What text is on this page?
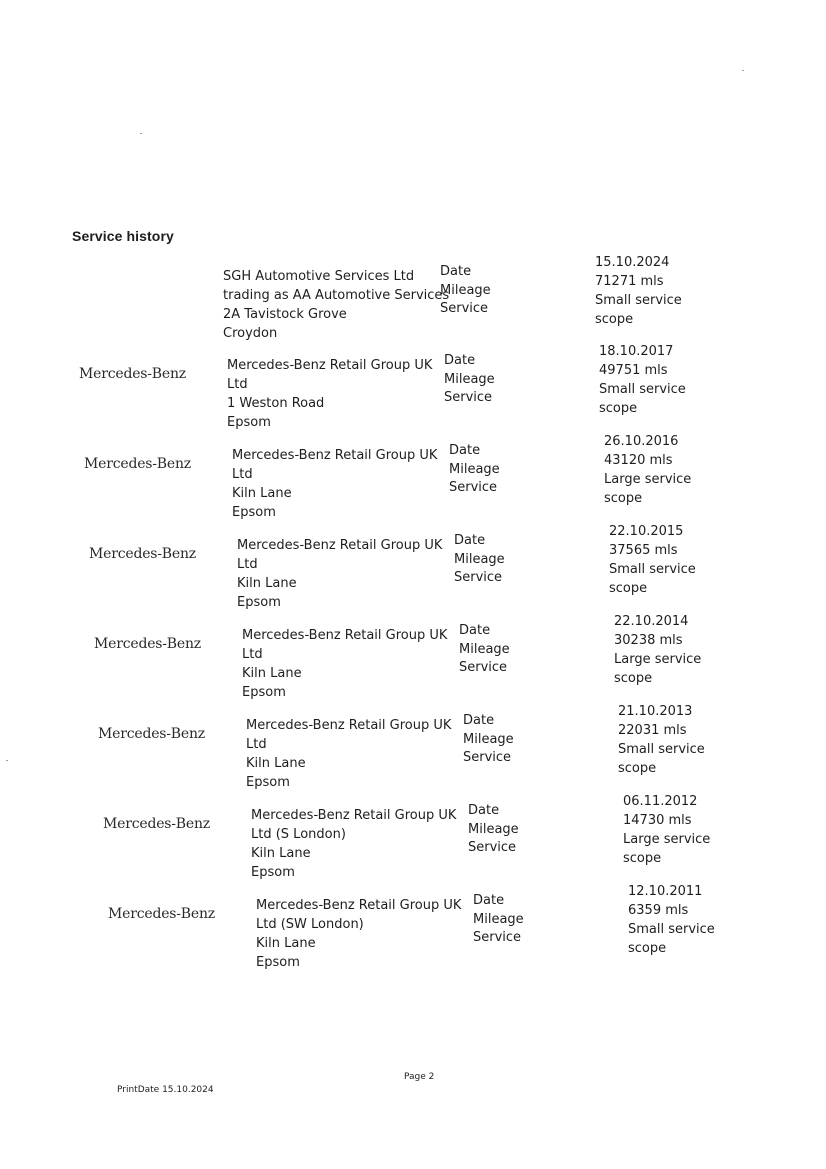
Service history
SGH Automotive Services Ltd
trading as AA Automotive Services
2A Tavistock Grove
Croydon
Date
Mileage
Service
15.10.2024
71271 mls
Small service
scope
Mercedes-Benz
Mercedes-Benz Retail Group UK
Ltd
1 Weston Road
Epsom
Date
Mileage
Service
18.10.2017
49751 mls
Small service
scope
Mercedes-Benz
Mercedes-Benz Retail Group UK
Ltd
Kiln Lane
Epsom
Date
Mileage
Service
26.10.2016
43120 mls
Large service
scope
Mercedes-Benz
Mercedes-Benz Retail Group UK
Ltd
Kiln Lane
Epsom
Date
Mileage
Service
22.10.2015
37565 mls
Small service
scope
Mercedes-Benz
Mercedes-Benz Retail Group UK
Ltd
Kiln Lane
Epsom
Date
Mileage
Service
22.10.2014
30238 mls
Large service
scope
Mercedes-Benz
Mercedes-Benz Retail Group UK
Ltd
Kiln Lane
Epsom
Date
Mileage
Service
21.10.2013
22031 mls
Small service
scope
Mercedes-Benz
Mercedes-Benz Retail Group UK
Ltd (S London)
Kiln Lane
Epsom
Date
Mileage
Service
06.11.2012
14730 mls
Large service
scope
Mercedes-Benz
Mercedes-Benz Retail Group UK
Ltd (SW London)
Kiln Lane
Epsom
Date
Mileage
Service
12.10.2011
6359 mls
Small service
scope
Page 2
PrintDate 15.10.2024
